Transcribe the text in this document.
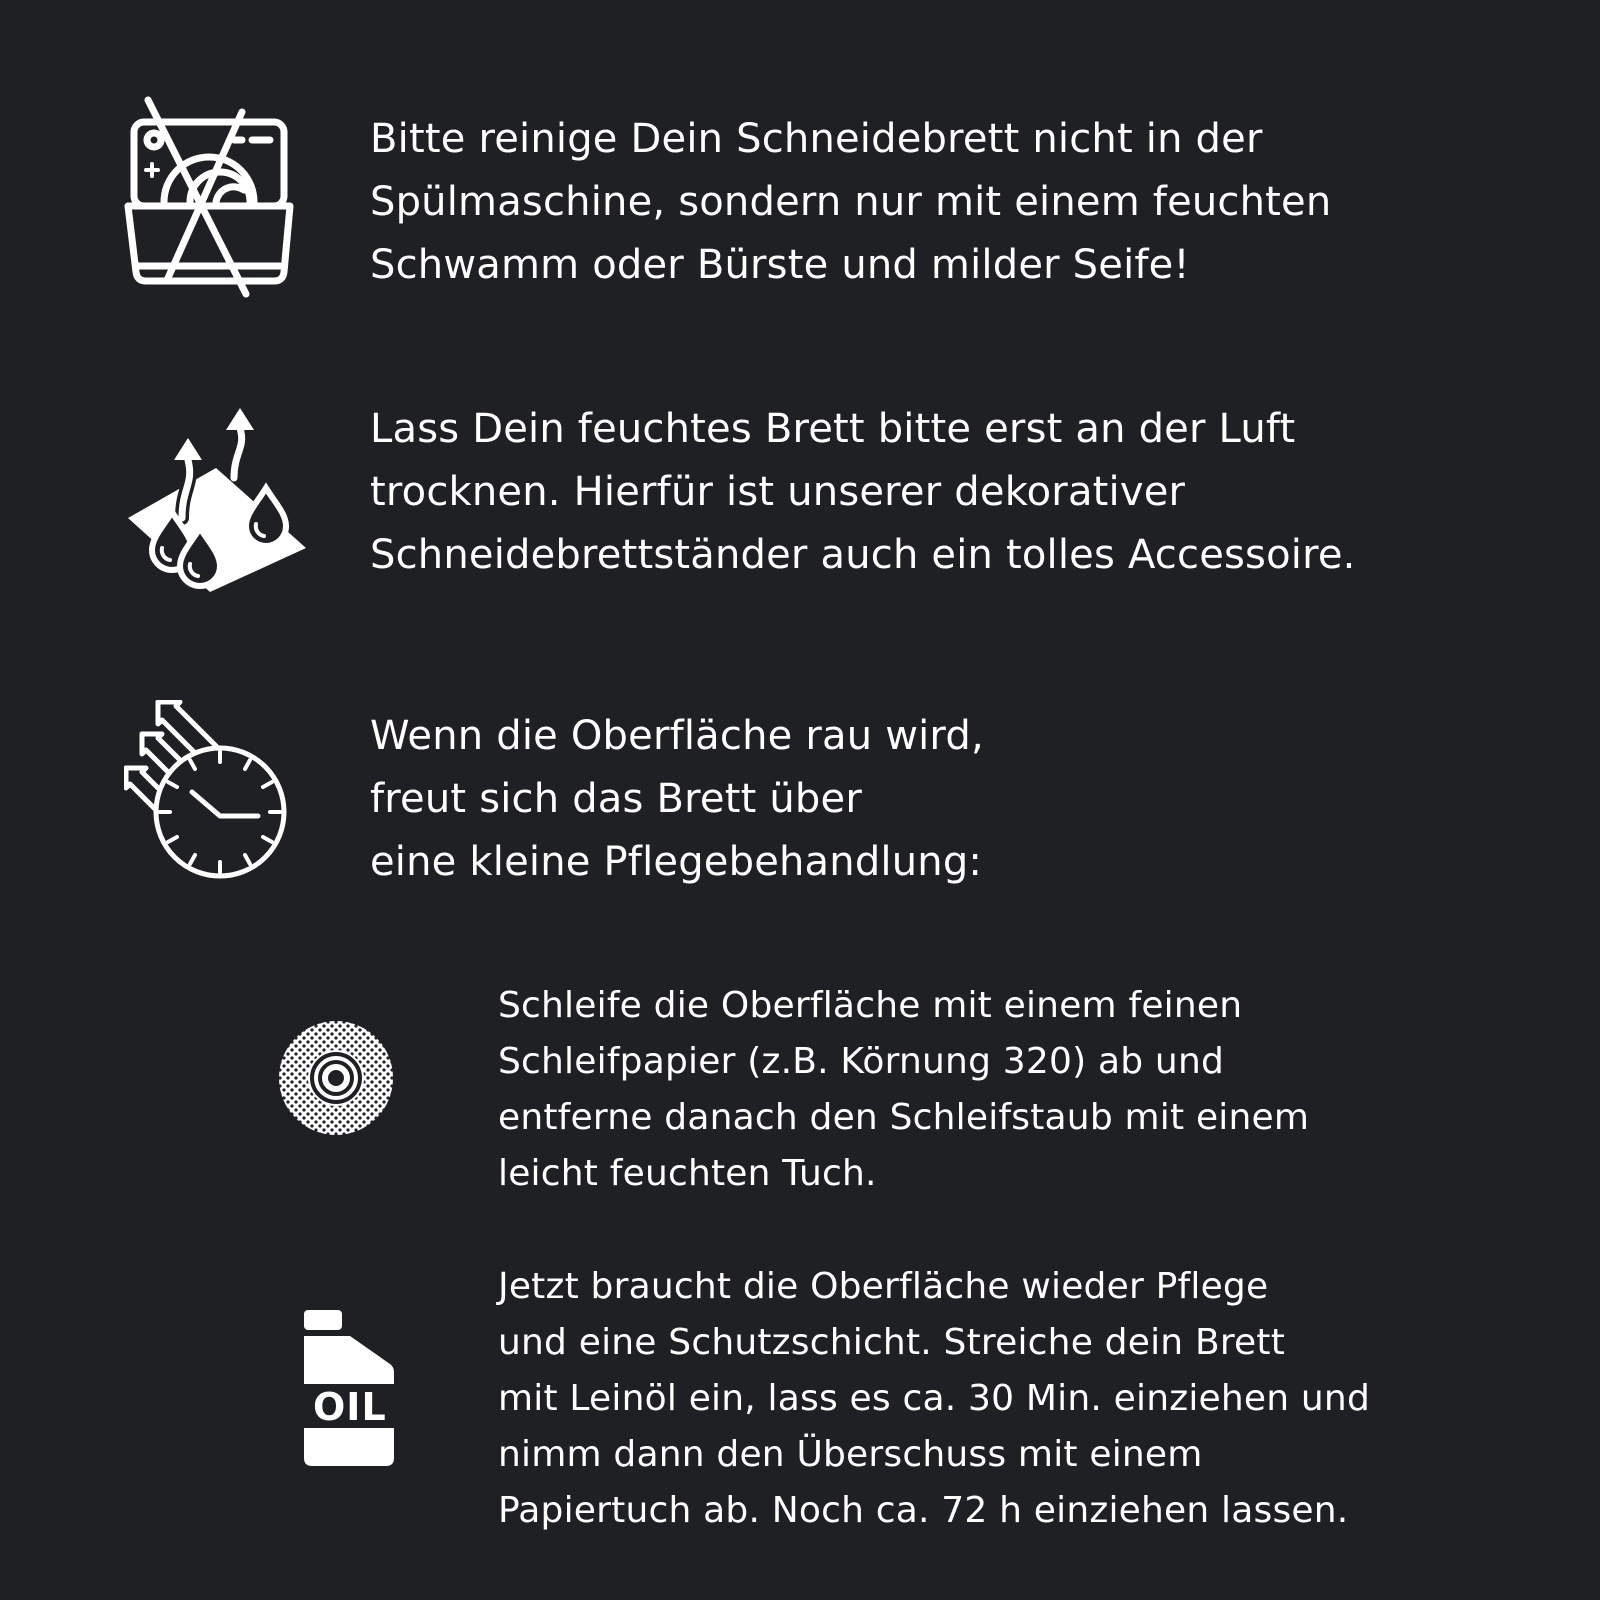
Bitte reinige Dein Schneidebrett nicht in der
Spülmaschine, sondern nur mit einem feuchten
Schwamm oder Bürste und milder Seife!
Lass Dein feuchtes Brett bitte erst an der Luft
trocknen. Hierfür ist unserer dekorativer
Schneidebrettständer auch ein tolles Accessoire.
Wenn die Oberfläche rau wird,
freut sich das Brett über
eine kleine Pflegebehandlung:
Schleife die Oberfläche mit einem feinen
Schleifpapier (z.B. Körnung 320) ab und
entferne danach den Schleifstaub mit einem
leicht feuchten Tuch.
OIL
Jetzt braucht die Oberfläche wieder Pflege
und eine Schutzschicht. Streiche dein Brett
mit Leinöl ein, lass es ca. 30 Min. einziehen und
nimm dann den Überschuss mit einem
Papiertuch ab. Noch ca. 72 h einziehen lassen.
